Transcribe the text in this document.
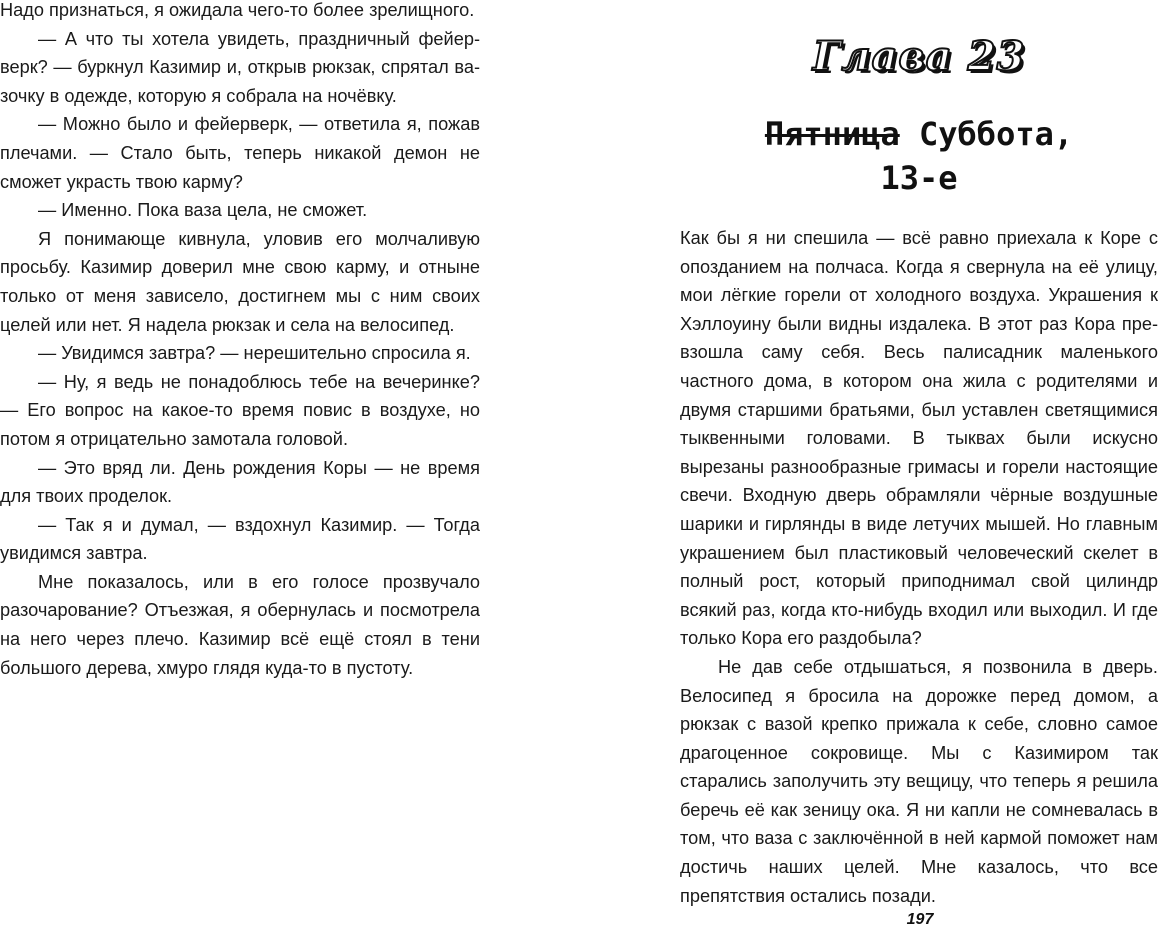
Надо признаться, я ожидала чего-то более зрелищного.

— А что ты хотела увидеть, праздничный фейерверк? — буркнул Казимир и, открыв рюкзак, спрятал вазочку в одежде, которую я собрала на ночёвку.

— Можно было и фейерверк, — ответила я, пожав плечами. — Стало быть, теперь никакой демон не сможет украсть твою карму?

— Именно. Пока ваза цела, не сможет.

Я понимающе кивнула, уловив его молчаливую просьбу. Казимир доверил мне свою карму, и отныне только от меня зависело, достигнем мы с ним своих целей или нет. Я надела рюкзак и села на велосипед.

— Увидимся завтра? — нерешительно спросила я.

— Ну, я ведь не понадоблюсь тебе на вечеринке? — Его вопрос на какое-то время повис в воздухе, но потом я отрицательно замотала головой.

— Это вряд ли. День рождения Коры — не время для твоих проделок.

— Так я и думал, — вздохнул Казимир. — Тогда увидимся завтра.

Мне показалось, или в его голосе прозвучало разочарование? Отъезжая, я обернулась и посмотрела на него через плечо. Казимир всё ещё стоял в тени большого дерева, хмуро глядя куда-то в пустоту.

Глава 23
Пятница Суббота,
13-е

Как бы я ни спешила — всё равно приехала к Коре с опозданием на полчаса. Когда я свернула на её улицу, мои лёгкие горели от холодного воздуха. Украшения к Хэллоуину были видны издалека. В этот раз Кора превзошла саму себя. Весь палисадник маленького частного дома, в котором она жила с родителями и двумя старшими братьями, был уставлен светящимися тыквенными головами. В тыквах были искусно вырезаны разнообразные гримасы и горели настоящие свечи. Входную дверь обрамляли чёрные воздушные шарики и гирлянды в виде летучих мышей. Но главным украшением был пластиковый человеческий скелет в полный рост, который приподнимал свой цилиндр всякий раз, когда кто-нибудь входил или выходил. И где только Кора его раздобыла?

Не дав себе отдышаться, я позвонила в дверь. Велосипед я бросила на дорожке перед домом, а рюкзак с вазой крепко прижала к себе, словно самое драгоценное сокровище. Мы с Казимиром так старались заполучить эту вещицу, что теперь я решила беречь её как зеницу ока. Я ни капли не сомневалась в том, что ваза с заключённой в ней кармой поможет нам достичь наших целей. Мне казалось, что все препятствия остались позади.

197
